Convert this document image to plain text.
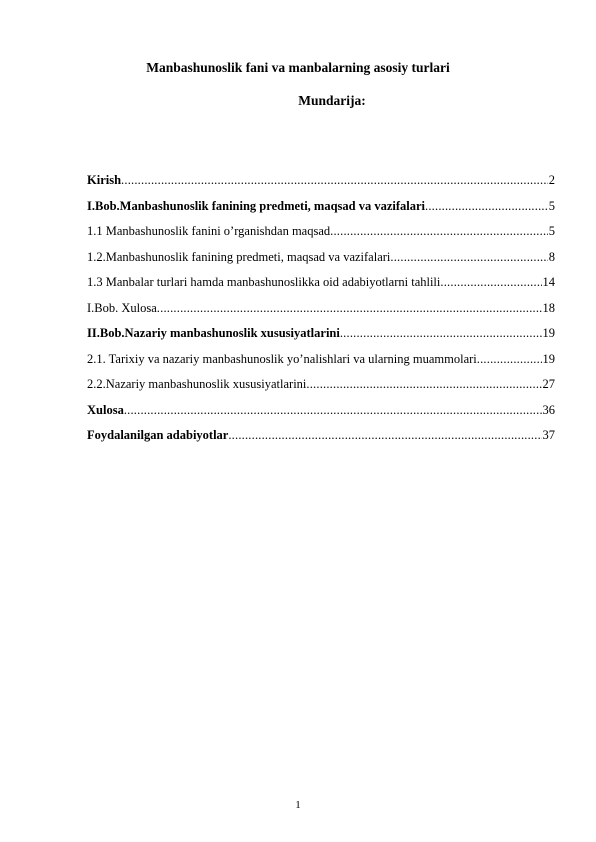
Manbashunoslik fani va manbalarning asosiy turlari
Mundarija:
Kirish .....	2
I.Bob.Manbashunoslik fanining predmeti, maqsad va vazifalari .....	5
1.1 Manbashunoslik fanini o’rganishdan maqsad .....	5
1.2.Manbashunoslik fanining predmeti, maqsad va vazifalari .....	8
1.3 Manbalar turlari hamda manbashunoslikka oid adabiyotlarni tahlili .....	14
I.Bob. Xulosa .....	18
II.Bob.Nazariy manbashunoslik xususiyatlarini .....	19
2.1. Tarixiy va nazariy manbashunoslik yo’nalishlari va ularning muammolari .....	19
2.2.Nazariy manbashunoslik xususiyatlarini .....	27
Xulosa .....	36
Foydalanilgan adabiyotlar .....	37
1
